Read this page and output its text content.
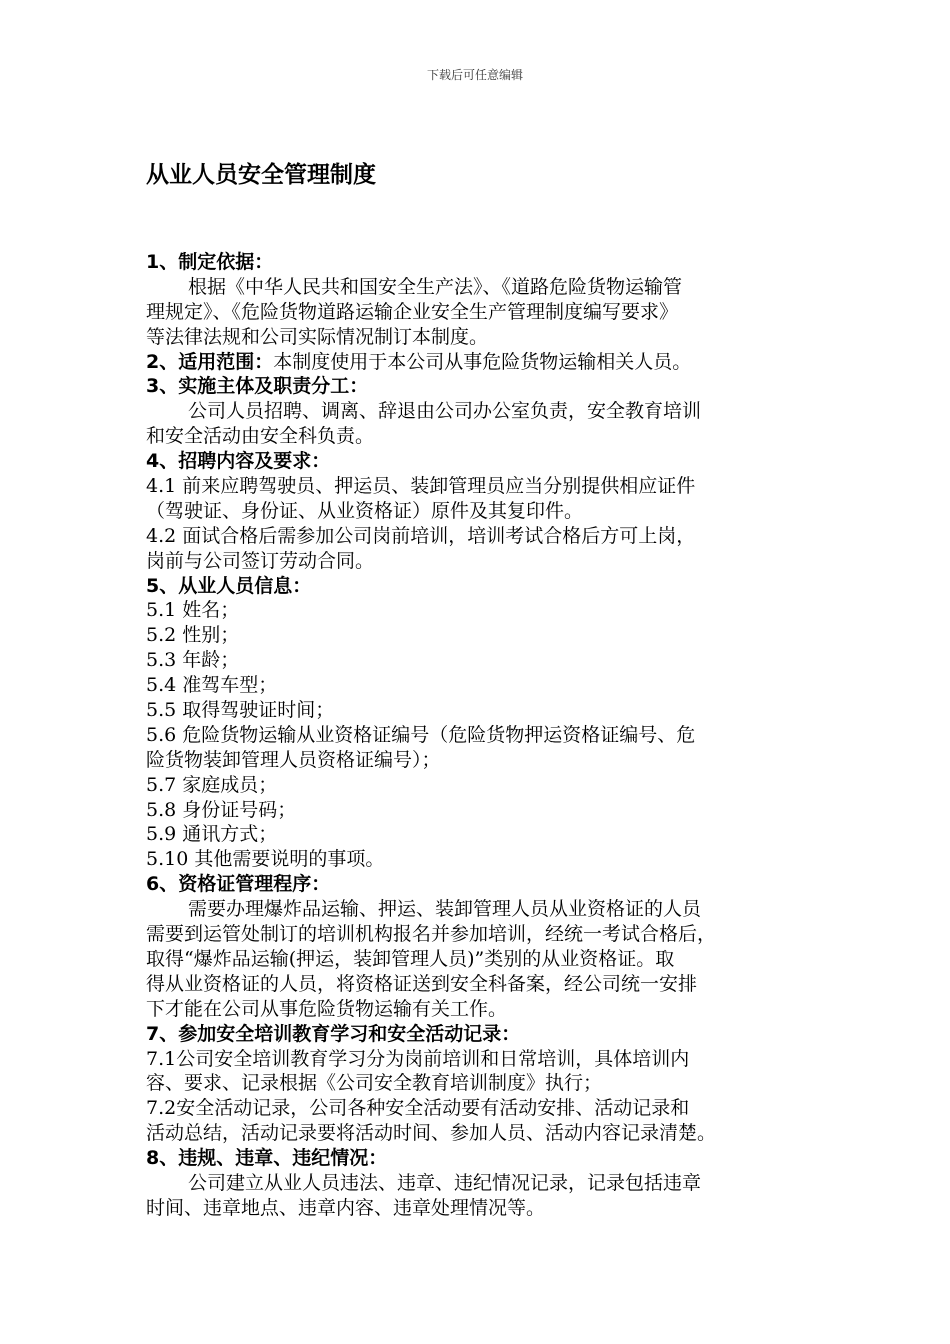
下载后可任意编辑
从业人员安全管理制度
1、制定依据：
根据《中华人民共和国安全生产法》、《道路危险货物运输管
理规定》、《危险货物道路运输企业安全生产管理制度编写要求》
等法律法规和公司实际情况制订本制度。
2、适用范围：本制度使用于本公司从事危险货物运输相关人员。
3、实施主体及职责分工：
公司人员招聘、调离、辞退由公司办公室负责，安全教育培训
和安全活动由安全科负责。
4、招聘内容及要求：
4.1 前来应聘驾驶员、押运员、装卸管理员应当分别提供相应证件
（驾驶证、身份证、从业资格证）原件及其复印件。
4.2 面试合格后需参加公司岗前培训，培训考试合格后方可上岗，
岗前与公司签订劳动合同。
5、从业人员信息：
5.1 姓名；
5.2 性别；
5.3 年龄；
5.4 准驾车型；
5.5 取得驾驶证时间；
5.6 危险货物运输从业资格证编号（危险货物押运资格证编号、危
险货物装卸管理人员资格证编号）；
5.7 家庭成员；
5.8 身份证号码；
5.9 通讯方式；
5.10 其他需要说明的事项。
6、资格证管理程序：
需要办理爆炸品运输、押运、装卸管理人员从业资格证的人员
需要到运管处制订的培训机构报名并参加培训，经统一考试合格后，
取得“爆炸品运输(押运，装卸管理人员)”类别的从业资格证。取
得从业资格证的人员，将资格证送到安全科备案，经公司统一安排
下才能在公司从事危险货物运输有关工作。
7、参加安全培训教育学习和安全活动记录：
7.1公司安全培训教育学习分为岗前培训和日常培训，具体培训内
容、要求、记录根据《公司安全教育培训制度》执行；
7.2安全活动记录，公司各种安全活动要有活动安排、活动记录和
活动总结，活动记录要将活动时间、参加人员、活动内容记录清楚。
8、违规、违章、违纪情况：
公司建立从业人员违法、违章、违纪情况记录，记录包括违章
时间、违章地点、违章内容、违章处理情况等。
